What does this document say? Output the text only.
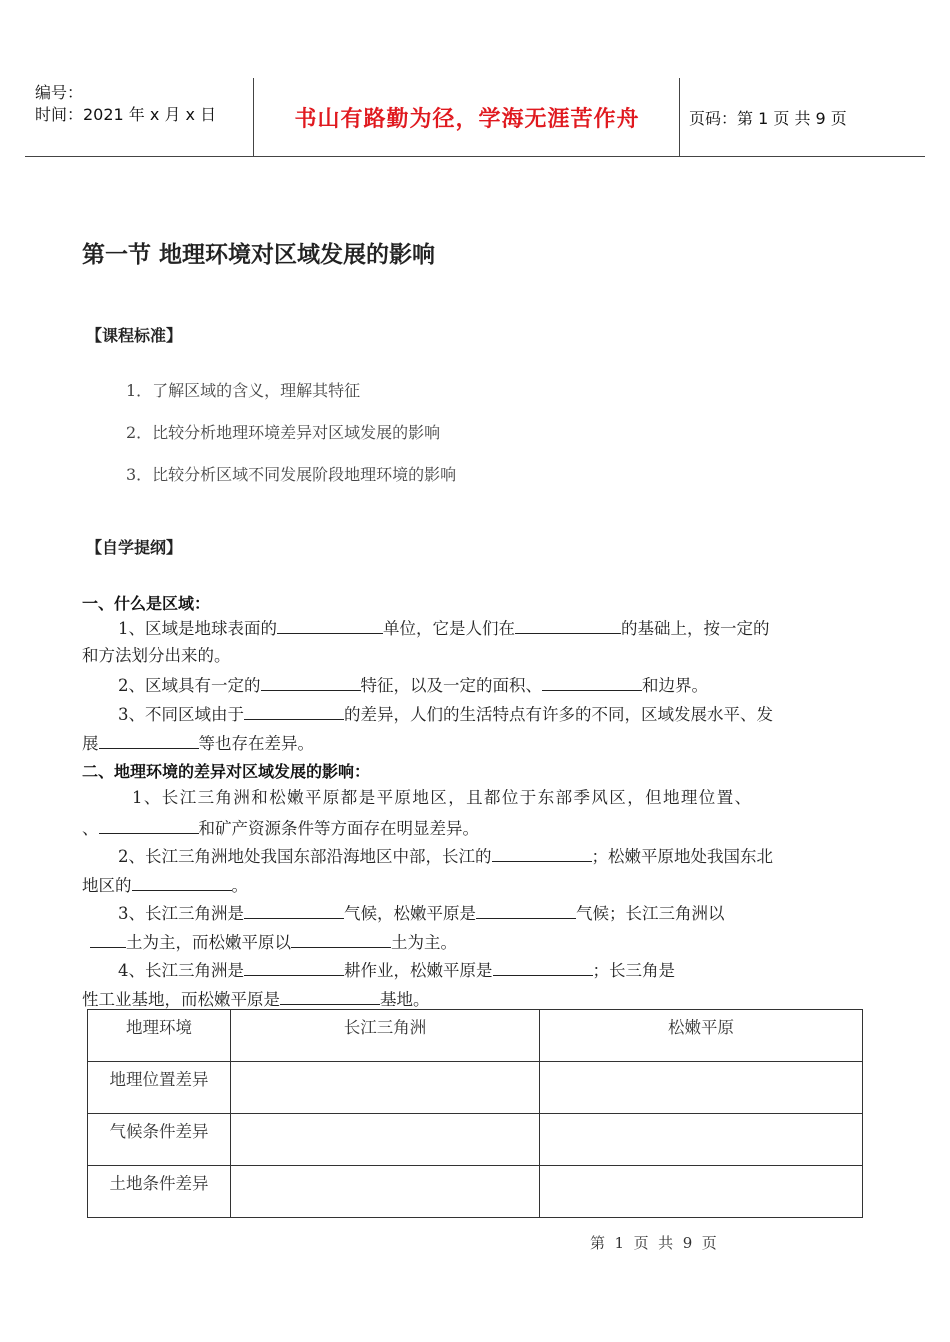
编号：
时间：2021 年 x 月 x 日	书山有路勤为径，学海无涯苦作舟	页码：第 1 页 共 9 页
第一节 地理环境对区域发展的影响
【课程标准】
1．了解区域的含义，理解其特征
2．比较分析地理环境差异对区域发展的影响
3．比较分析区域不同发展阶段地理环境的影响
【自学提纲】
一、什么是区域：
1、区域是地球表面的	单位，它是人们在	的基础上，按一定的
和方法划分出来的。
2、区域具有一定的	特征，以及一定的面积、	和边界。
3、不同区域由于	的差异，人们的生活特点有许多的不同，区域发展水平、发
展	等也存在差异。
二、地理环境的差异对区域发展的影响：
1、长江三角洲和松嫩平原都是平原地区，且都位于东部季风区，但地理位置、
、	和矿产资源条件等方面存在明显差异。
2、长江三角洲地处我国东部沿海地区中部，长江的	；松嫩平原地处我国东北
地区的	。
3、长江三角洲是	气候，松嫩平原是	气候；长江三角洲以
土为主，而松嫩平原以	土为主。
4、长江三角洲是	耕作业，松嫩平原是	；长三角是
性工业基地，而松嫩平原是	基地。
地理环境	长江三角洲	松嫩平原
地理位置差异		
气候条件差异		
土地条件差异		
第  1  页  共  9  页
